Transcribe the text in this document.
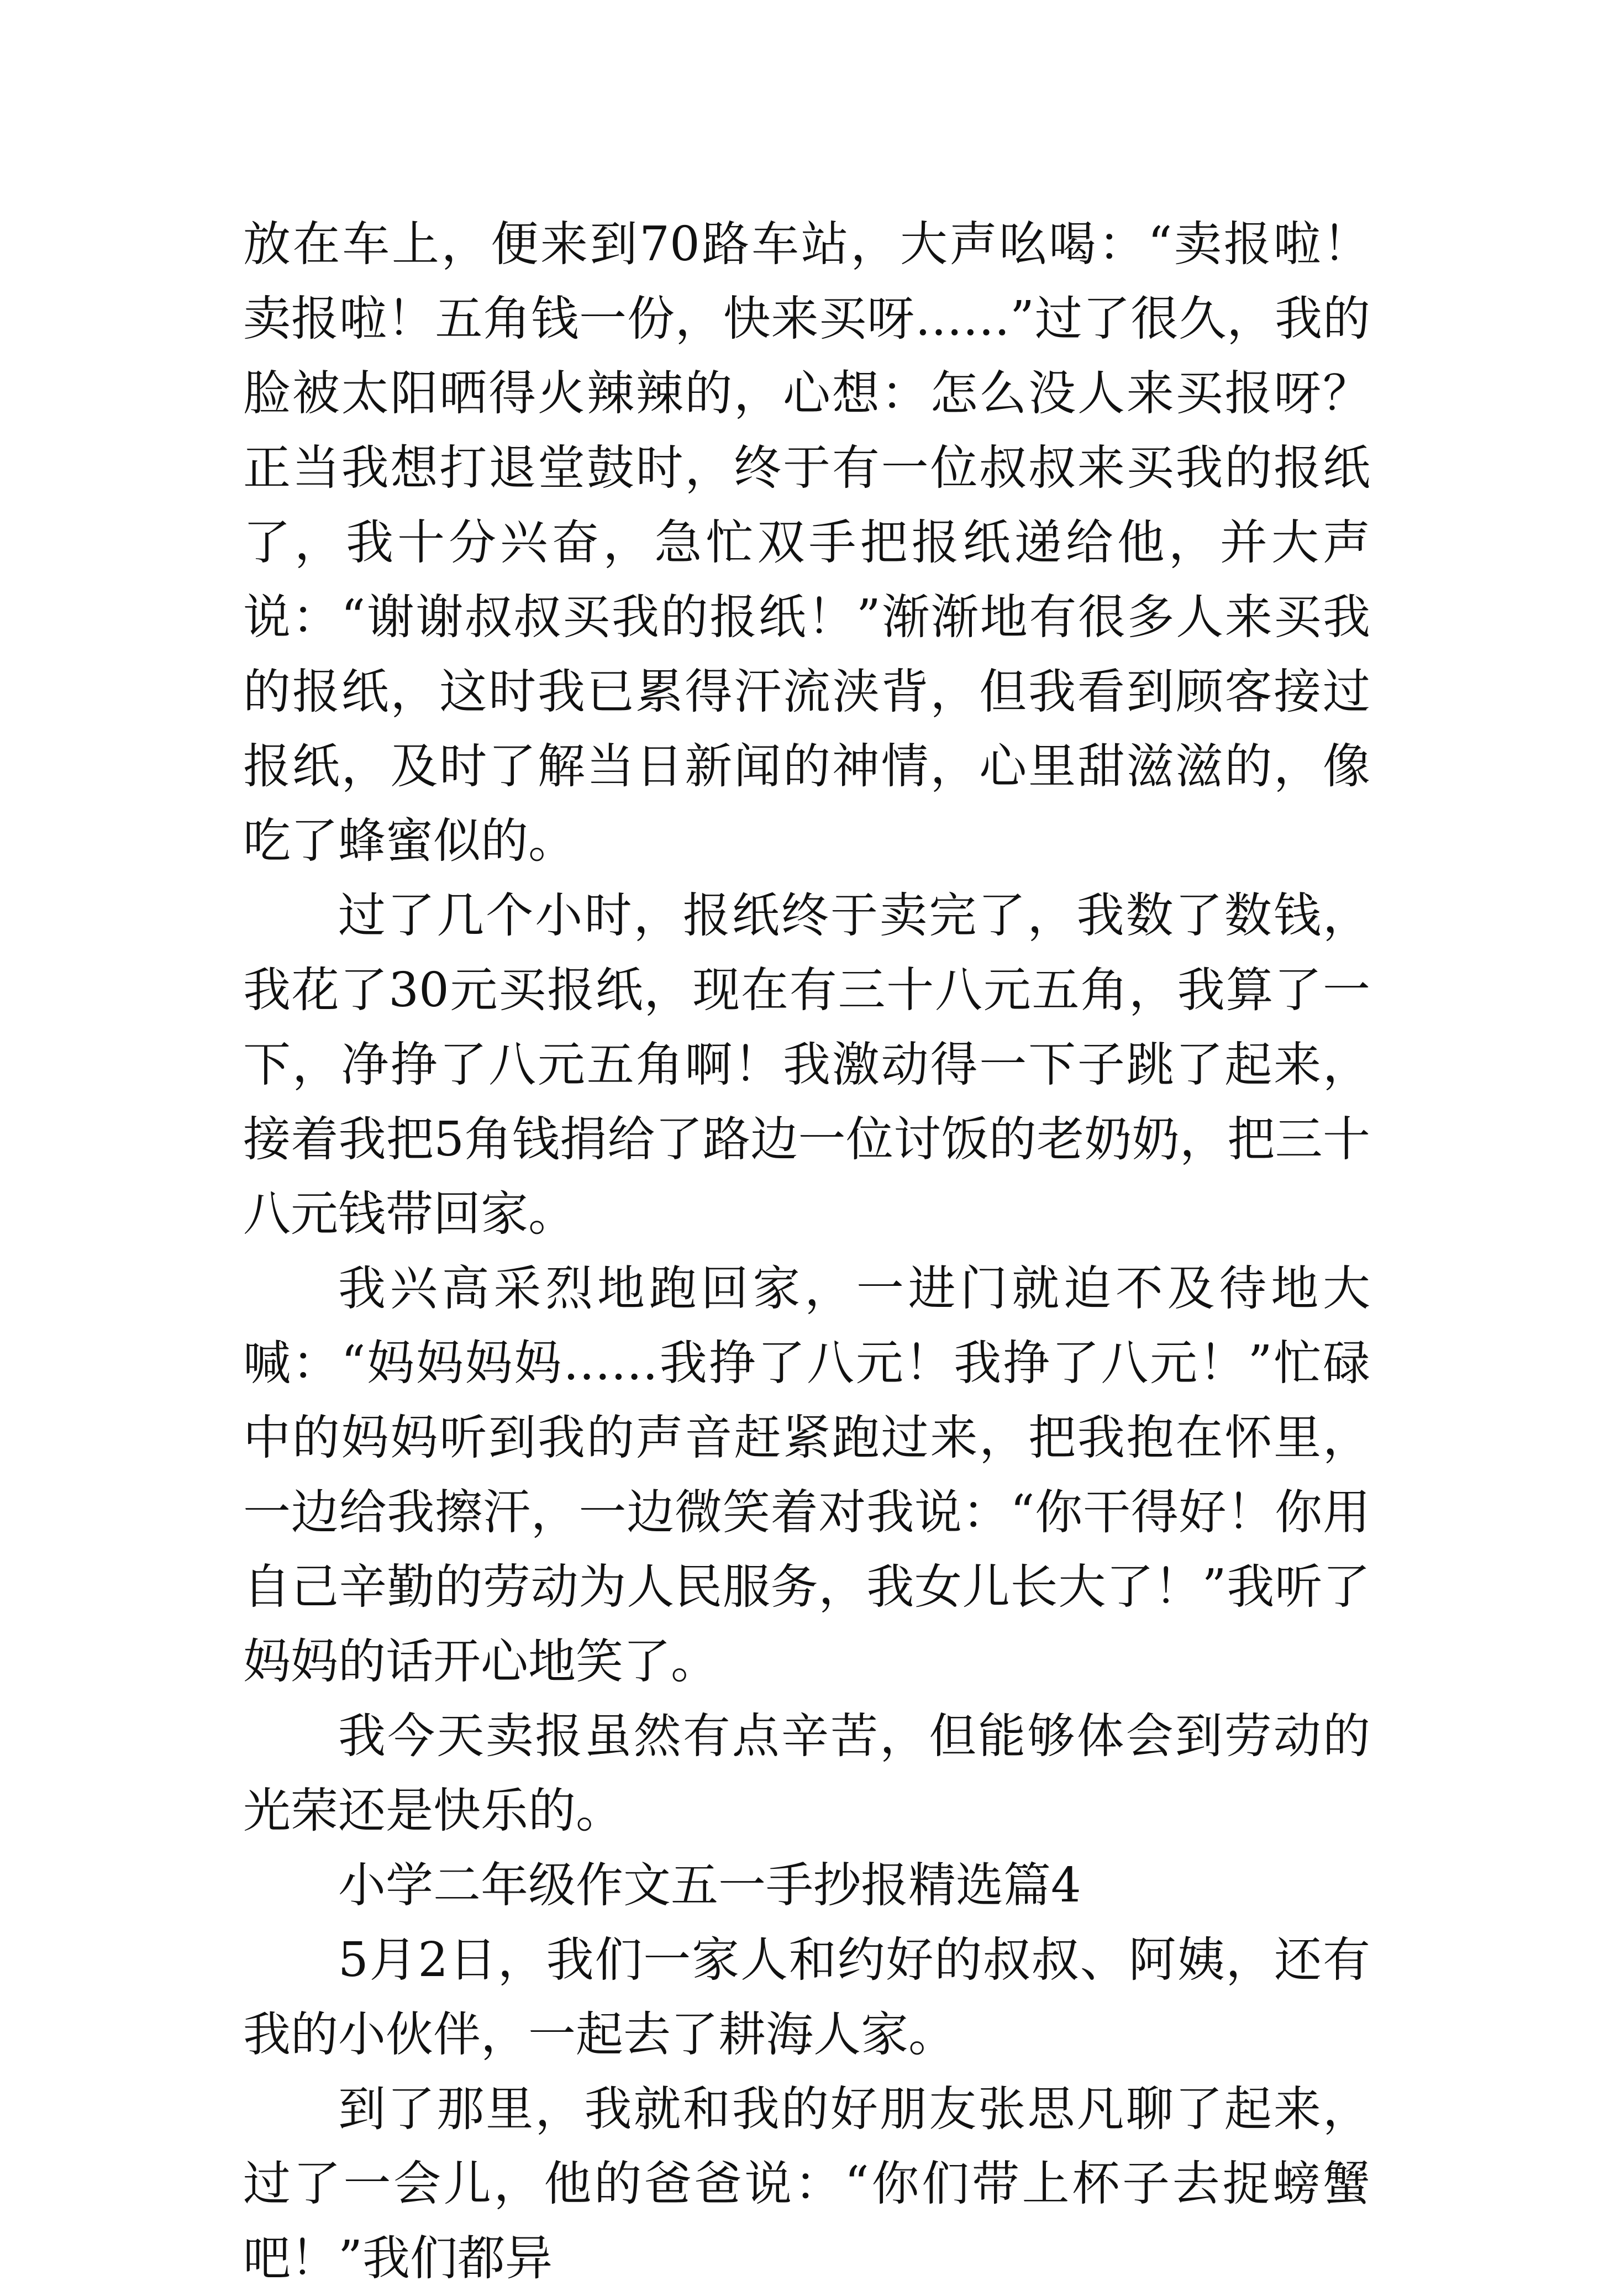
放在车上，便来到70路车站，大声吆喝：“卖报啦！卖报啦！五角钱一份，快来买呀……”过了很久，我的脸被太阳晒得火辣辣的，心想：怎么没人来买报呀？正当我想打退堂鼓时，终于有一位叔叔来买我的报纸了，我十分兴奋，急忙双手把报纸递给他，并大声说：“谢谢叔叔买我的报纸！”渐渐地有很多人来买我的报纸，这时我已累得汗流浃背，但我看到顾客接过报纸，及时了解当日新闻的神情，心里甜滋滋的，像吃了蜂蜜似的。

过了几个小时，报纸终于卖完了，我数了数钱，我花了30元买报纸，现在有三十八元五角，我算了一下，净挣了八元五角啊！我激动得一下子跳了起来，接着我把5角钱捐给了路边一位讨饭的老奶奶，把三十八元钱带回家。

我兴高采烈地跑回家，一进门就迫不及待地大喊：“妈妈妈妈……我挣了八元！我挣了八元！”忙碌中的妈妈听到我的声音赶紧跑过来，把我抱在怀里，一边给我擦汗，一边微笑着对我说：“你干得好！你用自己辛勤的劳动为人民服务，我女儿长大了！”我听了妈妈的话开心地笑了。

我今天卖报虽然有点辛苦，但能够体会到劳动的光荣还是快乐的。

小学二年级作文五一手抄报精选篇4

5月2日，我们一家人和约好的叔叔、阿姨，还有我的小伙伴，一起去了耕海人家。

到了那里，我就和我的好朋友张思凡聊了起来，过了一会儿，他的爸爸说：“你们带上杯子去捉螃蟹吧！”我们都异
